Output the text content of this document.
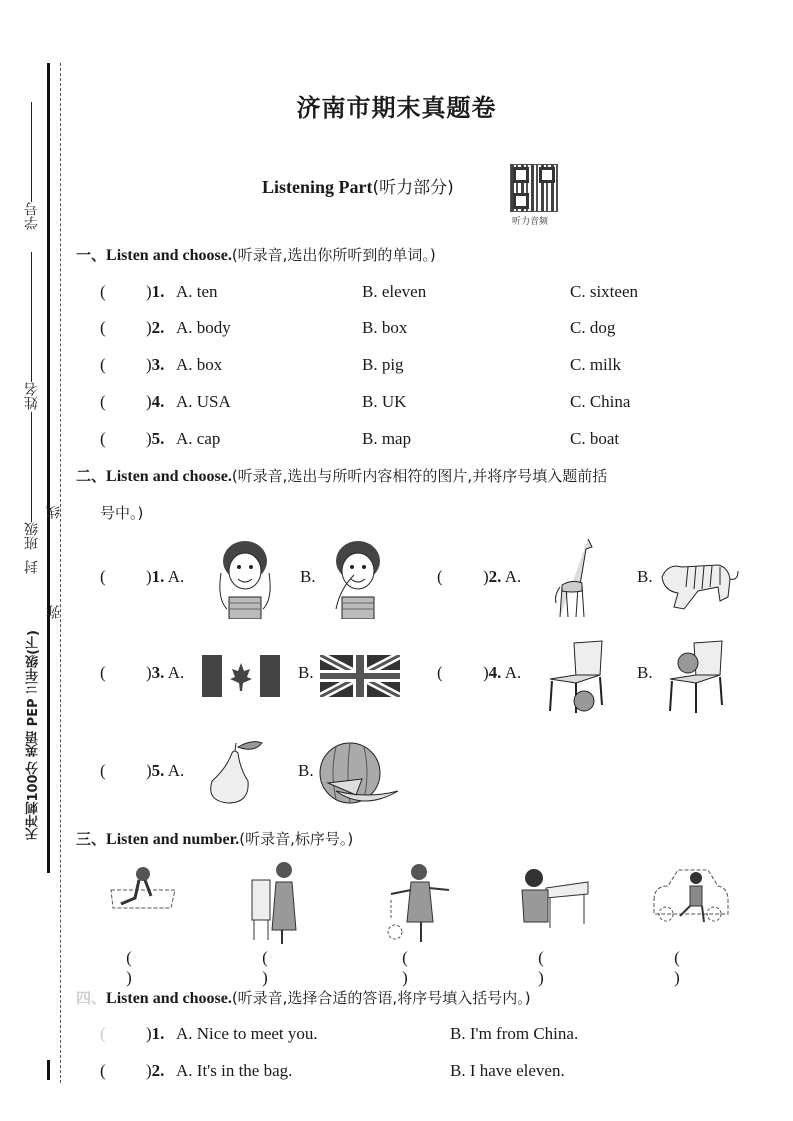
学号
姓名
班级
线
封
弥
天冲刺100分 英语 PEP 三年级(下)
济南市期末真题卷
Listening Part(听力部分)
听力音频
一、Listen and choose.(听录音,选出你所听到的单词。)
( )1. A. ten	B. eleven	C. sixteen
( )2. A. body	B. box	C. dog
( )3. A. box	B. pig	C. milk
( )4. A. USA	B. UK	C. China
( )5. A. cap	B. map	C. boat
二、Listen and choose.(听录音,选出与所听内容相符的图片,并将序号填入题前括
号中。)
( )1. A.	B.	( )2. A.	B.
( )3. A.	B.	( )4. A.	B.
( )5. A.	B.
三、Listen and number.(听录音,标序号。)
( )
( )
( )
( )
( )
四、Listen and choose.(听录音,选择合适的答语,将序号填入括号内。)
( )1. A. Nice to meet you.	B. I'm from China.
( )2. A. It's in the bag.	B. I have eleven.
